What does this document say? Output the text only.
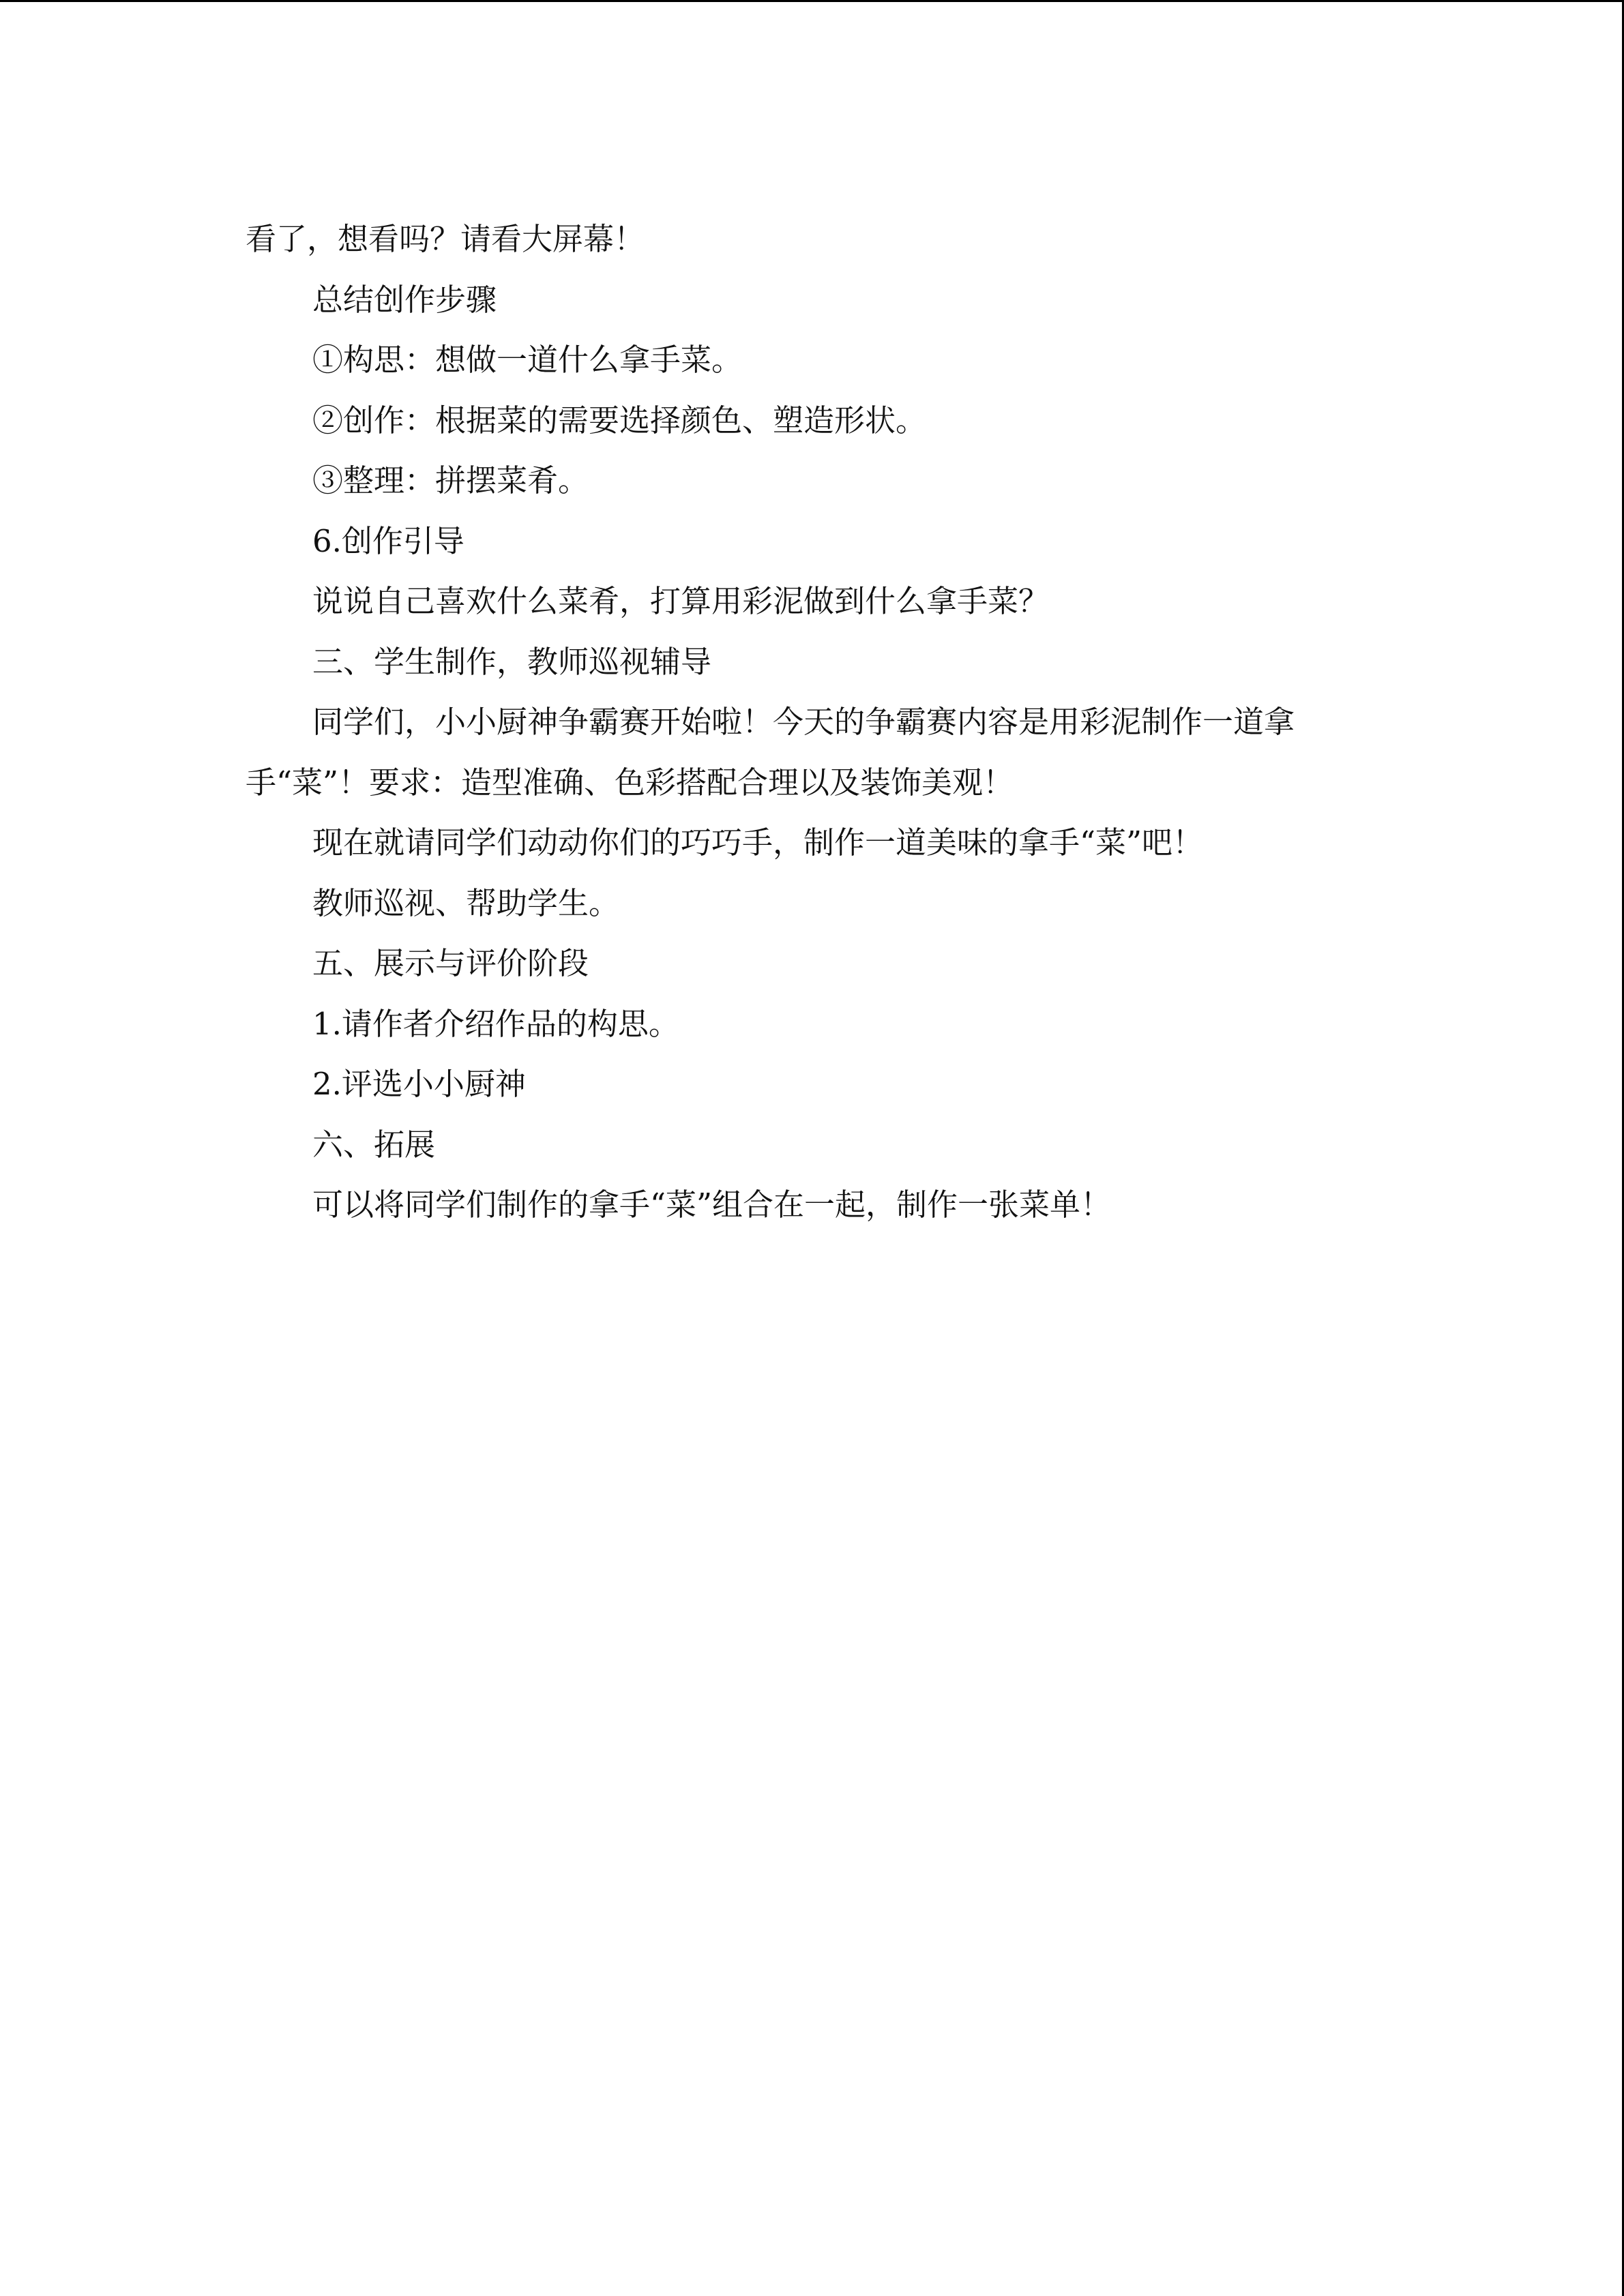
看了，想看吗？请看大屏幕！

总结创作步骤

①构思：想做一道什么拿手菜。

②创作：根据菜的需要选择颜色、塑造形状。

③整理：拼摆菜肴。

6.创作引导

说说自己喜欢什么菜肴，打算用彩泥做到什么拿手菜？

三、学生制作，教师巡视辅导

同学们，小小厨神争霸赛开始啦！今天的争霸赛内容是用彩泥制作一道拿手“菜”！要求：造型准确、色彩搭配合理以及装饰美观！

现在就请同学们动动你们的巧巧手，制作一道美味的拿手“菜”吧！

教师巡视、帮助学生。

五、展示与评价阶段

1.请作者介绍作品的构思。

2.评选小小厨神

六、拓展

可以将同学们制作的拿手“菜”组合在一起，制作一张菜单！
